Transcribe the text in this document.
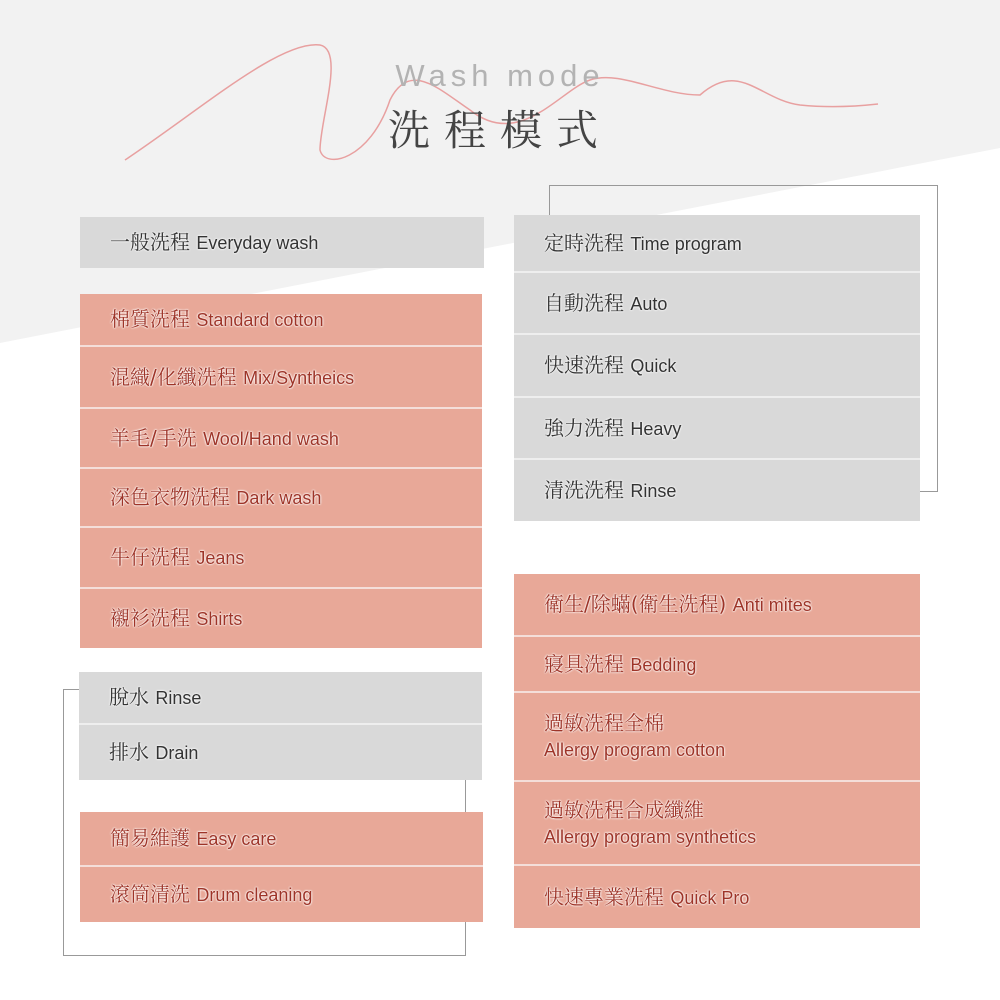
Wash mode
洗程模式
一般洗程 Everyday wash
棉質洗程 Standard cotton
混織/化纖洗程 Mix/Syntheics
羊毛/手洗 Wool/Hand wash
深色衣物洗程 Dark wash
牛仔洗程 Jeans
襯衫洗程 Shirts
脫水 Rinse
排水 Drain
簡易維護 Easy care
滾筒清洗 Drum cleaning
定時洗程 Time program
自動洗程 Auto
快速洗程 Quick
強力洗程 Heavy
清洗洗程 Rinse
衛生/除蟎(衛生洗程) Anti mites
寢具洗程 Bedding
過敏洗程全棉
Allergy program cotton
過敏洗程合成纖維
Allergy program synthetics
快速專業洗程 Quick Pro
